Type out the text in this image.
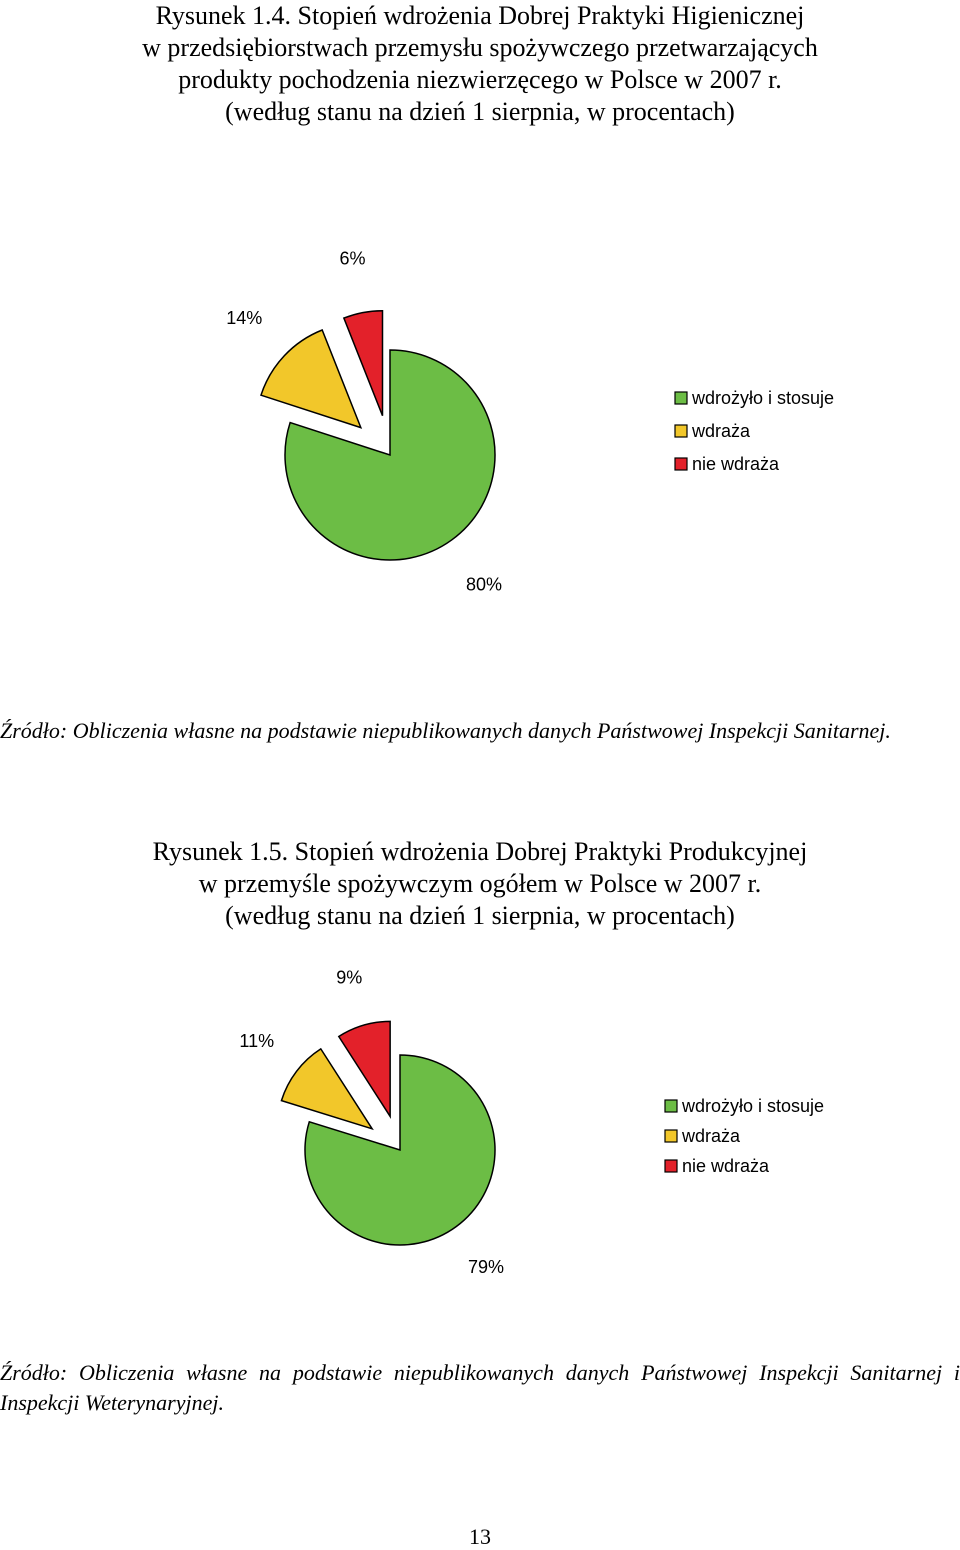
Rysunek 1.4. Stopień wdrożenia Dobrej Praktyki Higienicznej
w przedsiębiorstwach przemysłu spożywczego przetwarzających
produkty pochodzenia niezwierzęcego w Polsce w 2007 r.
(według stanu na dzień 1 sierpnia, w procentach)
80%
14%
6%
wdrożyło i stosuje
wdraża
nie wdraża
Źródło: Obliczenia własne na podstawie niepublikowanych danych Państwowej Inspekcji Sanitarnej.
Rysunek 1.5. Stopień wdrożenia Dobrej Praktyki Produkcyjnej
w przemyśle spożywczym ogółem w Polsce w 2007 r.
(według stanu na dzień 1 sierpnia, w procentach)
79%
11%
9%
wdrożyło i stosuje
wdraża
nie wdraża
Źródło: Obliczenia własne na podstawie niepublikowanych danych Państwowej Inspekcji Sanitarnej i Inspekcji Weterynaryjnej.
13
